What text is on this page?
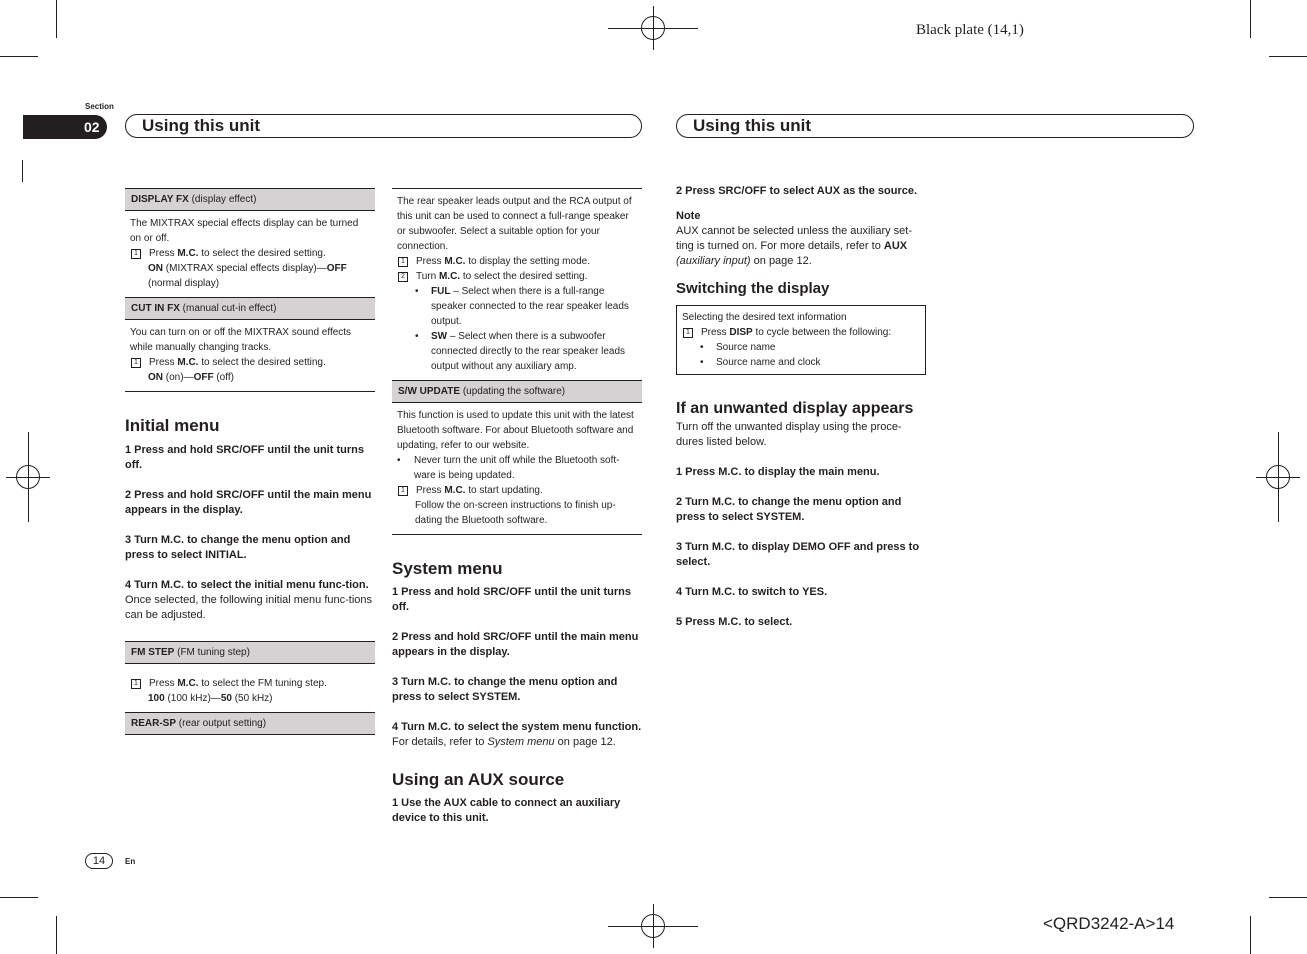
Black plate (14,1)
<QRD3242-A>14
Section
02	Using this unit	Using this unit
DISPLAY FX (display effect)
The MIXTRAX special effects display can be turned on or off.
1	Press M.C. to select the desired setting.
ON (MIXTRAX special effects display)—OFF
(normal display)
CUT IN FX (manual cut-in effect)
You can turn on or off the MIXTRAX sound effects while manually changing tracks.
1	Press M.C. to select the desired setting.
ON (on)—OFF (off)
Initial menu
1 Press and hold SRC/OFF until the unit turns off.
2 Press and hold SRC/OFF until the main menu appears in the display.
3 Turn M.C. to change the menu option and press to select INITIAL.
4 Turn M.C. to select the initial menu func-tion.
Once selected, the following initial menu func-tions can be adjusted.
FM STEP (FM tuning step)
1	Press M.C. to select the FM tuning step.
100 (100 kHz)—50 (50 kHz)
REAR-SP (rear output setting)
The rear speaker leads output and the RCA output of this unit can be used to connect a full-range speaker or subwoofer. Select a suitable option for your connection.
1	Press M.C. to display the setting mode.
2	Turn M.C. to select the desired setting.
•	FUL – Select when there is a full-range speaker connected to the rear speaker leads output.
•	SW – Select when there is a subwoofer connected directly to the rear speaker leads output without any auxiliary amp.
S/W UPDATE (updating the software)
This function is used to update this unit with the latest Bluetooth software. For about Bluetooth software and updating, refer to our website.
•	Never turn the unit off while the Bluetooth soft-ware is being updated.
1	Press M.C. to start updating.
Follow the on-screen instructions to finish up-dating the Bluetooth software.
System menu
1 Press and hold SRC/OFF until the unit turns off.
2 Press and hold SRC/OFF until the main menu appears in the display.
3 Turn M.C. to change the menu option and press to select SYSTEM.
4 Turn M.C. to select the system menu function.
For details, refer to System menu on page 12.
Using an AUX source
1 Use the AUX cable to connect an auxiliary device to this unit.
2 Press SRC/OFF to select AUX as the source.
Note
AUX cannot be selected unless the auxiliary set-ting is turned on. For more details, refer to AUX
(auxiliary input) on page 12.
Switching the display
Selecting the desired text information
1	Press DISP to cycle between the following:
•	Source name
•	Source name and clock
If an unwanted display appears
Turn off the unwanted display using the proce-dures listed below.
1 Press M.C. to display the main menu.
2 Turn M.C. to change the menu option and press to select SYSTEM.
3 Turn M.C. to display DEMO OFF and press to select.
4 Turn M.C. to switch to YES.
5 Press M.C. to select.
14	En
